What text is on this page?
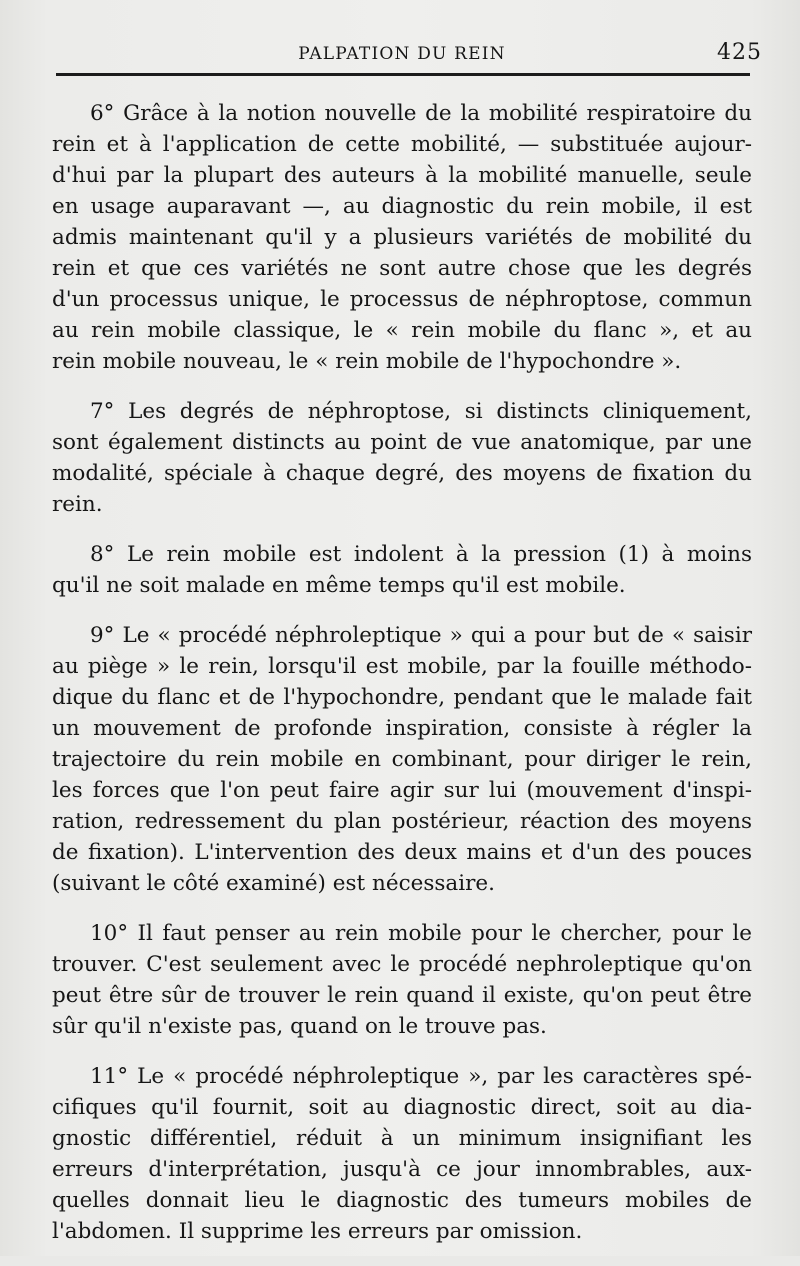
PALPATION DU REIN	425
6° Grâce à la notion nouvelle de la mobilité respiratoire du
rein et à l'application de cette mobilité, — substituée aujour-
d'hui par la plupart des auteurs à la mobilité manuelle, seule
en usage auparavant —, au diagnostic du rein mobile, il est
admis maintenant qu'il y a plusieurs variétés de mobilité du
rein et que ces variétés ne sont autre chose que les degrés
d'un processus unique, le processus de néphroptose, commun
au rein mobile classique, le « rein mobile du flanc », et au
rein mobile nouveau, le « rein mobile de l'hypochondre ».
7° Les degrés de néphroptose, si distincts cliniquement,
sont également distincts au point de vue anatomique, par une
modalité, spéciale à chaque degré, des moyens de fixation du
rein.
8° Le rein mobile est indolent à la pression (1) à moins
qu'il ne soit malade en même temps qu'il est mobile.
9° Le « procédé néphroleptique » qui a pour but de « saisir
au piège » le rein, lorsqu'il est mobile, par la fouille méthodo-
dique du flanc et de l'hypochondre, pendant que le malade fait
un mouvement de profonde inspiration, consiste à régler la
trajectoire du rein mobile en combinant, pour diriger le rein,
les forces que l'on peut faire agir sur lui (mouvement d'inspi-
ration, redressement du plan postérieur, réaction des moyens
de fixation). L'intervention des deux mains et d'un des pouces
(suivant le côté examiné) est nécessaire.
10° Il faut penser au rein mobile pour le chercher, pour le
trouver. C'est seulement avec le procédé nephroleptique qu'on
peut être sûr de trouver le rein quand il existe, qu'on peut être
sûr qu'il n'existe pas, quand on le trouve pas.
11° Le « procédé néphroleptique », par les caractères spé-
cifiques qu'il fournit, soit au diagnostic direct, soit au dia-
gnostic différentiel, réduit à un minimum insignifiant les
erreurs d'interprétation, jusqu'à ce jour innombrables, aux-
quelles donnait lieu le diagnostic des tumeurs mobiles de
l'abdomen. Il supprime les erreurs par omission.
